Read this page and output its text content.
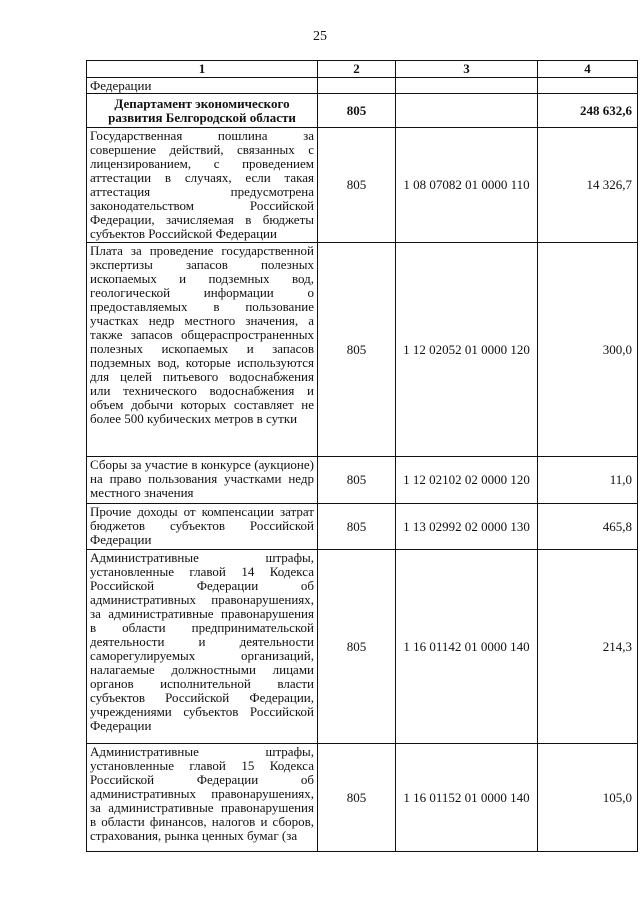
25
1	2	3	4
Федерации			
Департамент экономического развития Белгородской области	805		248 632,6
Государственная пошлина за совершение действий, связанных с лицензированием, с проведением аттестации в случаях, если такая аттестация предусмотрена законодательством Российской Федерации, зачисляемая в бюджеты субъектов Российской Федерации	805	1 08 07082 01 0000 110	14 326,7
Плата за проведение государственной экспертизы запасов полезных ископаемых и подземных вод, геологической информации о предоставляемых в пользование участках недр местного значения, а также запасов общераспространенных полезных ископаемых и запасов подземных вод, которые используются для целей питьевого водоснабжения или технического водоснабжения и объем добычи которых составляет не более 500 кубических метров в сутки	805	1 12 02052 01 0000 120	300,0
Сборы за участие в конкурсе (аукционе) на право пользования участками недр местного значения	805	1 12 02102 02 0000 120	11,0
Прочие доходы от компенсации затрат бюджетов субъектов Российской Федерации	805	1 13 02992 02 0000 130	465,8
Административные штрафы, установленные главой 14 Кодекса Российской Федерации об административных правонарушениях, за административные правонарушения в области предпринимательской деятельности и деятельности саморегулируемых организаций, налагаемые должностными лицами органов исполнительной власти субъектов Российской Федерации, учреждениями субъектов Российской Федерации	805	1 16 01142 01 0000 140	214,3
Административные штрафы, установленные главой 15 Кодекса Российской Федерации об административных правонарушениях, за административные правонарушения в области финансов, налогов и сборов, страхования, рынка ценных бумаг (за	805	1 16 01152 01 0000 140	105,0
